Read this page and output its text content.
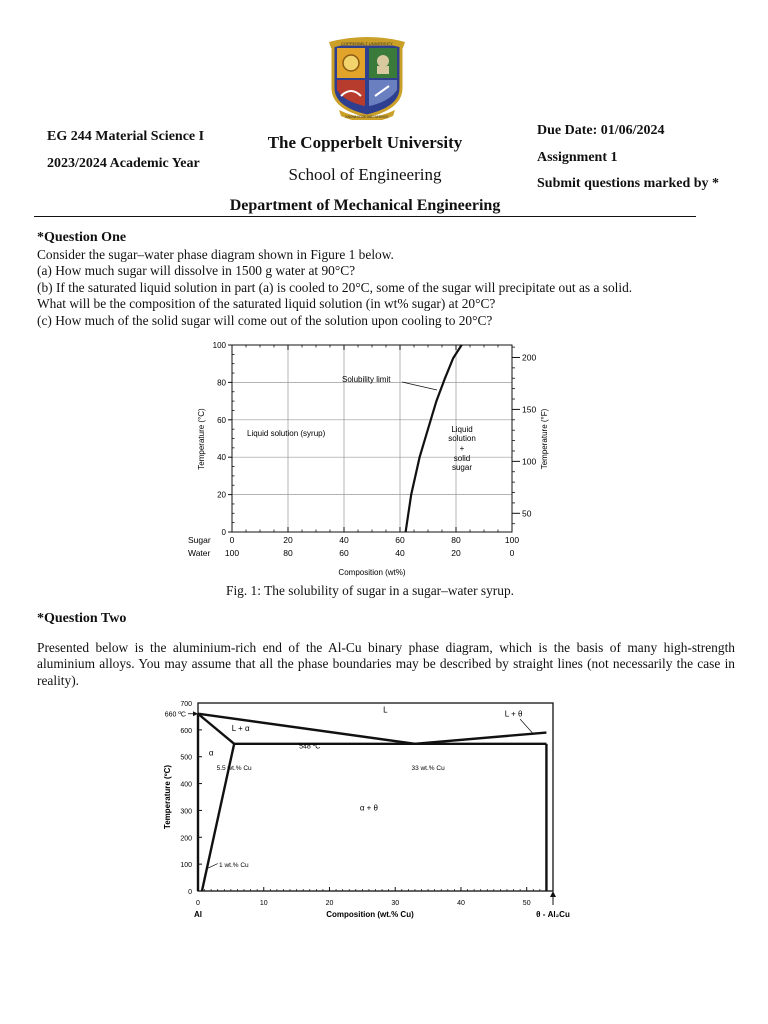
COPPERBELT UNIVERSITY
KNOWLEDGE AND SERVICE
EG 244 Material Science I
2023/2024 Academic Year
The Copperbelt University
School of Engineering
Due Date: 01/06/2024
Assignment 1
Submit questions marked by *
Department of Mechanical Engineering

*Question One

Consider the sugar–water phase diagram shown in Figure 1 below.

(a) How much sugar will dissolve in 1500 g water at 90°C?

(b) If the saturated liquid solution in part (a) is cooled to 20°C, some of the sugar will precipitate out as a solid.

What will be the composition of the saturated liquid solution (in wt% sugar) at 20°C?

(c) How much of the solid sugar will come out of the solution upon cooling to 20°C?

0
20
40
60
80
100
0
100
20
80
40
60
60
40
80
20
100
0
50
100
150
200
Solubility limit
Liquid solution (syrup)	Liquid
solution
+
solid
sugar
Sugar
Water
Composition (wt%)
Temperature (°C)	Temperature (°F)
Fig. 1: The solubility of sugar in a sugar–water syrup.

*Question Two

Presented below is the aluminium-rich end of the Al-Cu binary phase diagram, which is the basis of many high-strength aluminium alloys. You may assume that all the phase boundaries may be described by straight lines (not necessarily the case in reality).

0
100
200
300
400
500
600
700
0	10	20	30	40	50
660 ºC
L
L + α
L + θ
α
548 ºC
5.5 wt.% Cu	33 wt.% Cu
α + θ
1 wt.% Cu
Al	θ - Al₂Cu
Composition (wt.% Cu)
Temperature (ºC)
